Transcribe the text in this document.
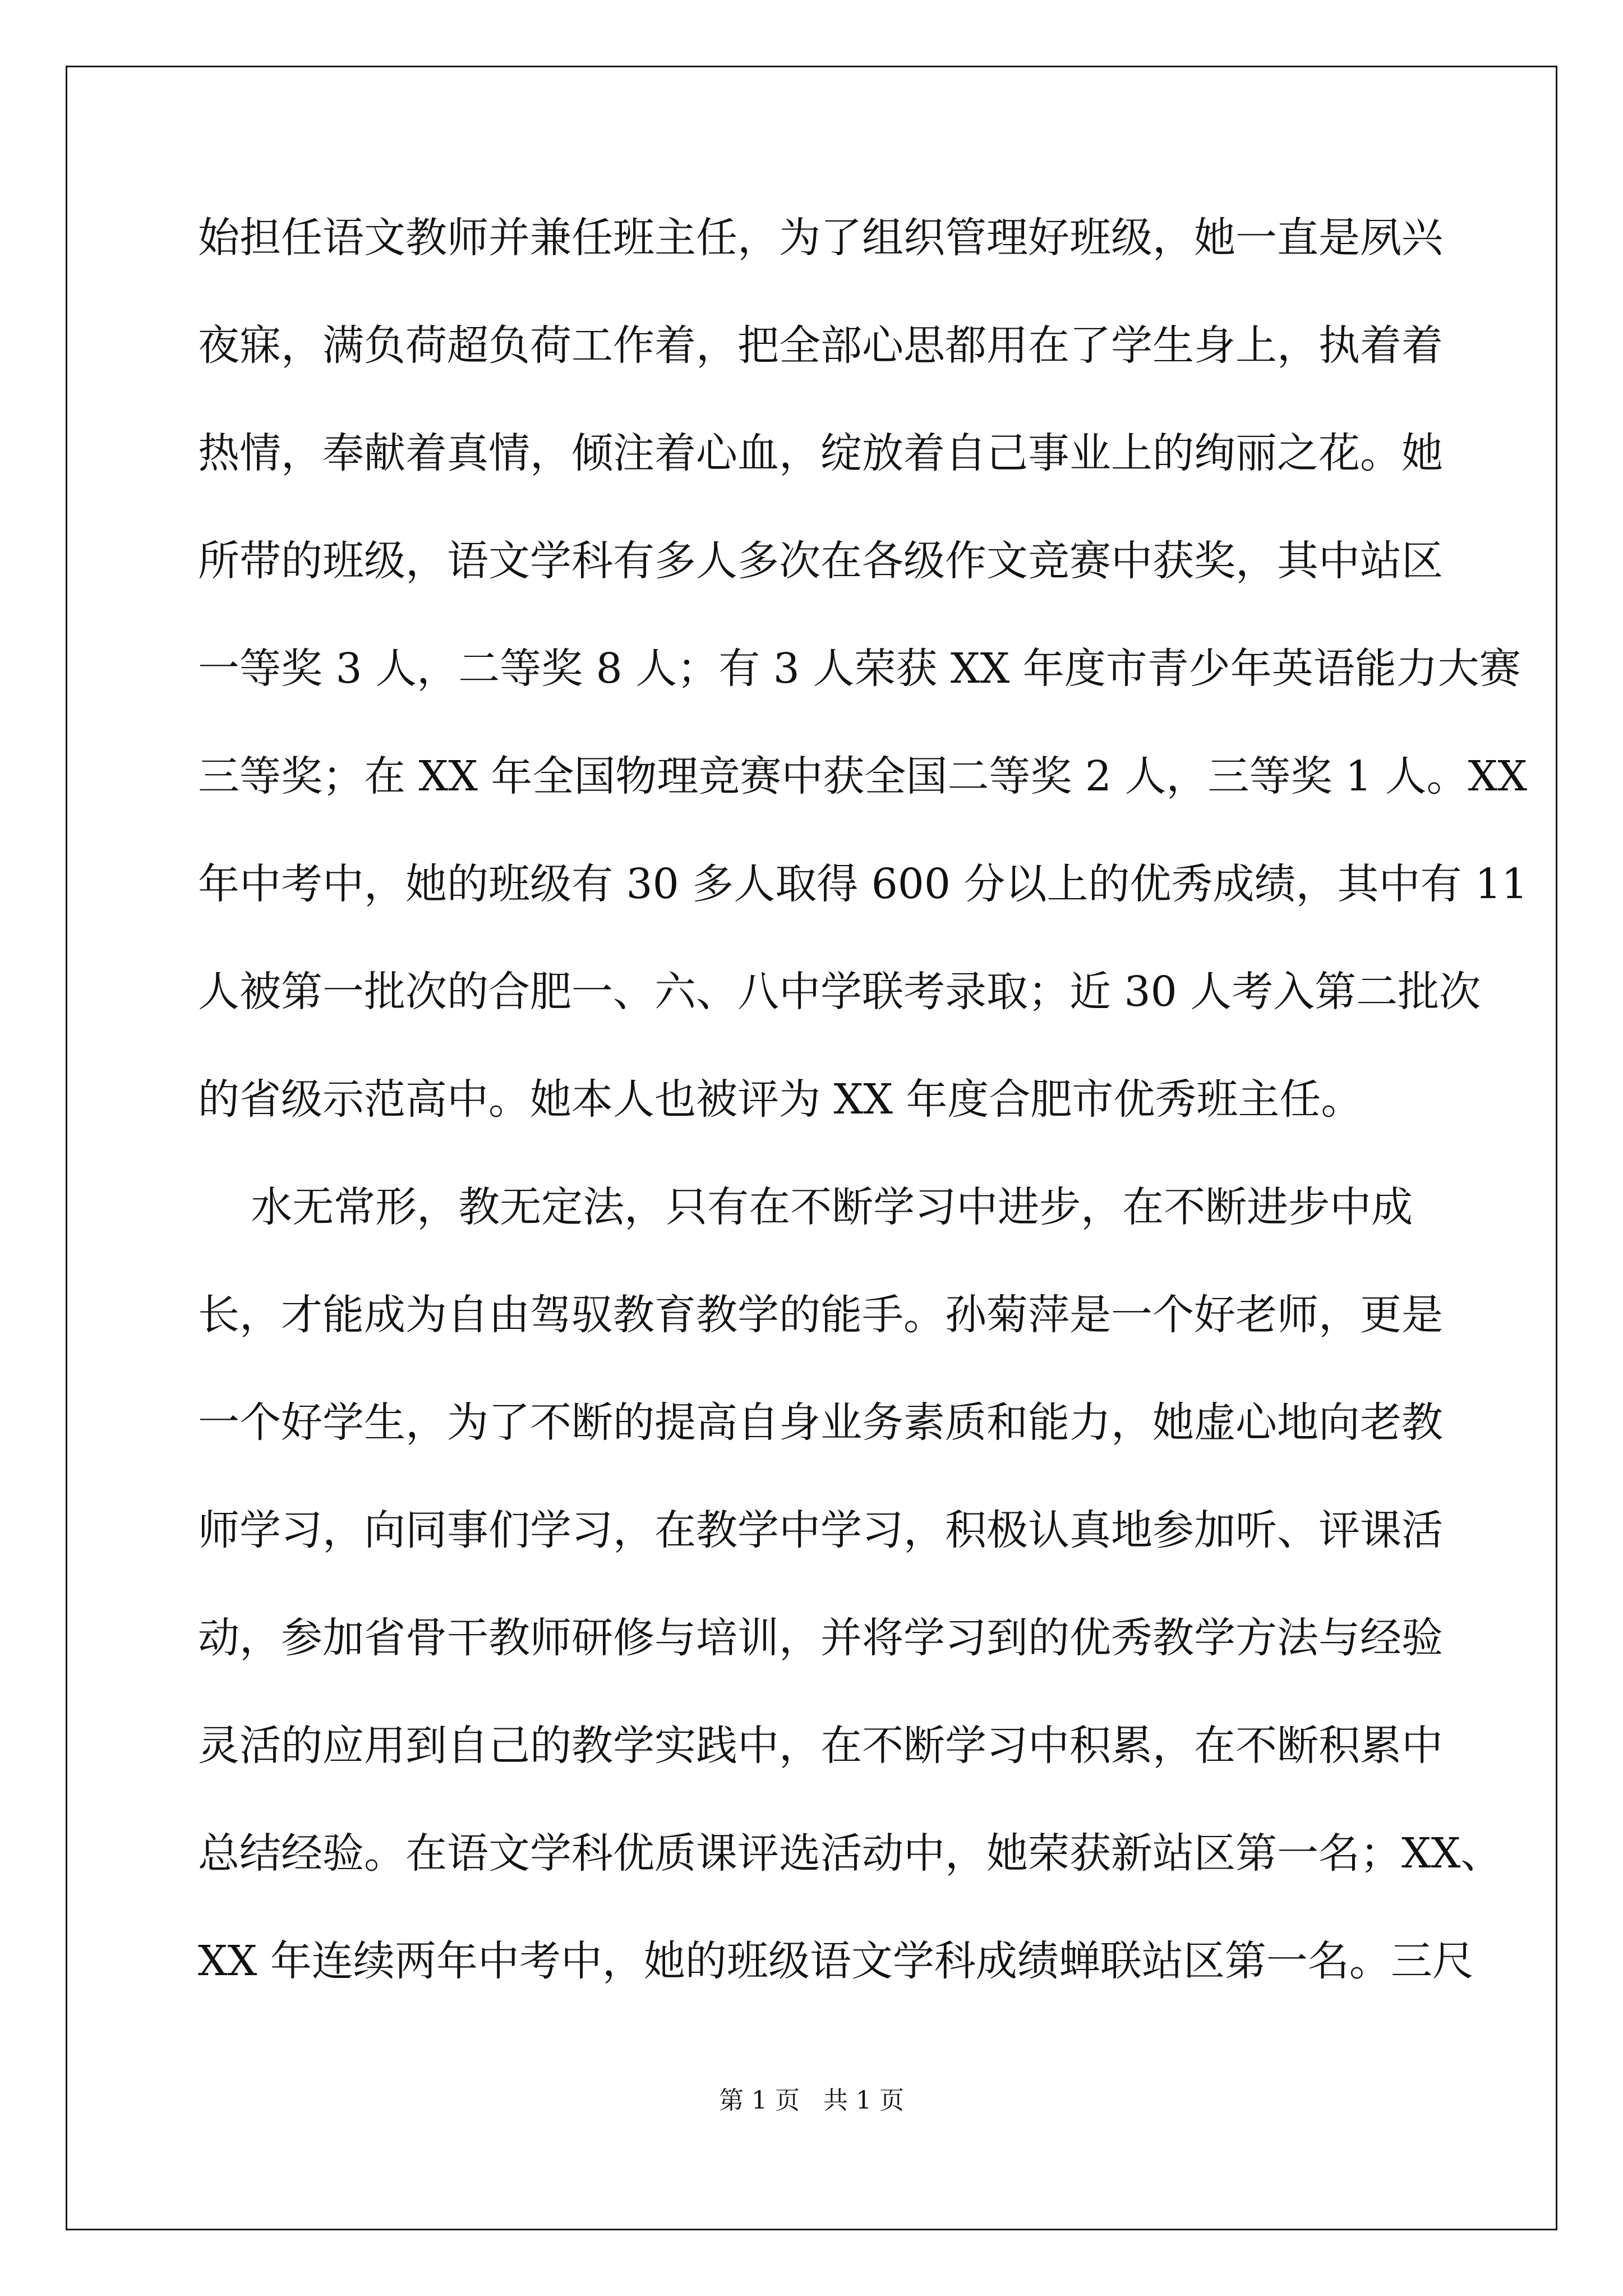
始担任语文教师并兼任班主任，为了组织管理好班级，她一直是夙兴
夜寐，满负荷超负荷工作着，把全部心思都用在了学生身上，执着着
热情，奉献着真情，倾注着心血，绽放着自己事业上的绚丽之花。她
所带的班级，语文学科有多人多次在各级作文竞赛中获奖，其中站区
一等奖 3 人，二等奖 8 人；有 3 人荣获 XX 年度市青少年英语能力大赛
三等奖；在 XX 年全国物理竞赛中获全国二等奖 2 人，三等奖 1 人。XX
年中考中，她的班级有 30 多人取得 600 分以上的优秀成绩，其中有 11
人被第一批次的合肥一、六、八中学联考录取；近 30 人考入第二批次
的省级示范高中。她本人也被评为 XX 年度合肥市优秀班主任。
水无常形，教无定法，只有在不断学习中进步，在不断进步中成
长，才能成为自由驾驭教育教学的能手。孙菊萍是一个好老师，更是
一个好学生，为了不断的提高自身业务素质和能力，她虚心地向老教
师学习，向同事们学习，在教学中学习，积极认真地参加听、评课活
动，参加省骨干教师研修与培训，并将学习到的优秀教学方法与经验
灵活的应用到自己的教学实践中，在不断学习中积累，在不断积累中
总结经验。在语文学科优质课评选活动中，她荣获新站区第一名；XX、
XX 年连续两年中考中，她的班级语文学科成绩蝉联站区第一名。三尺
第 1 页   共 1 页
